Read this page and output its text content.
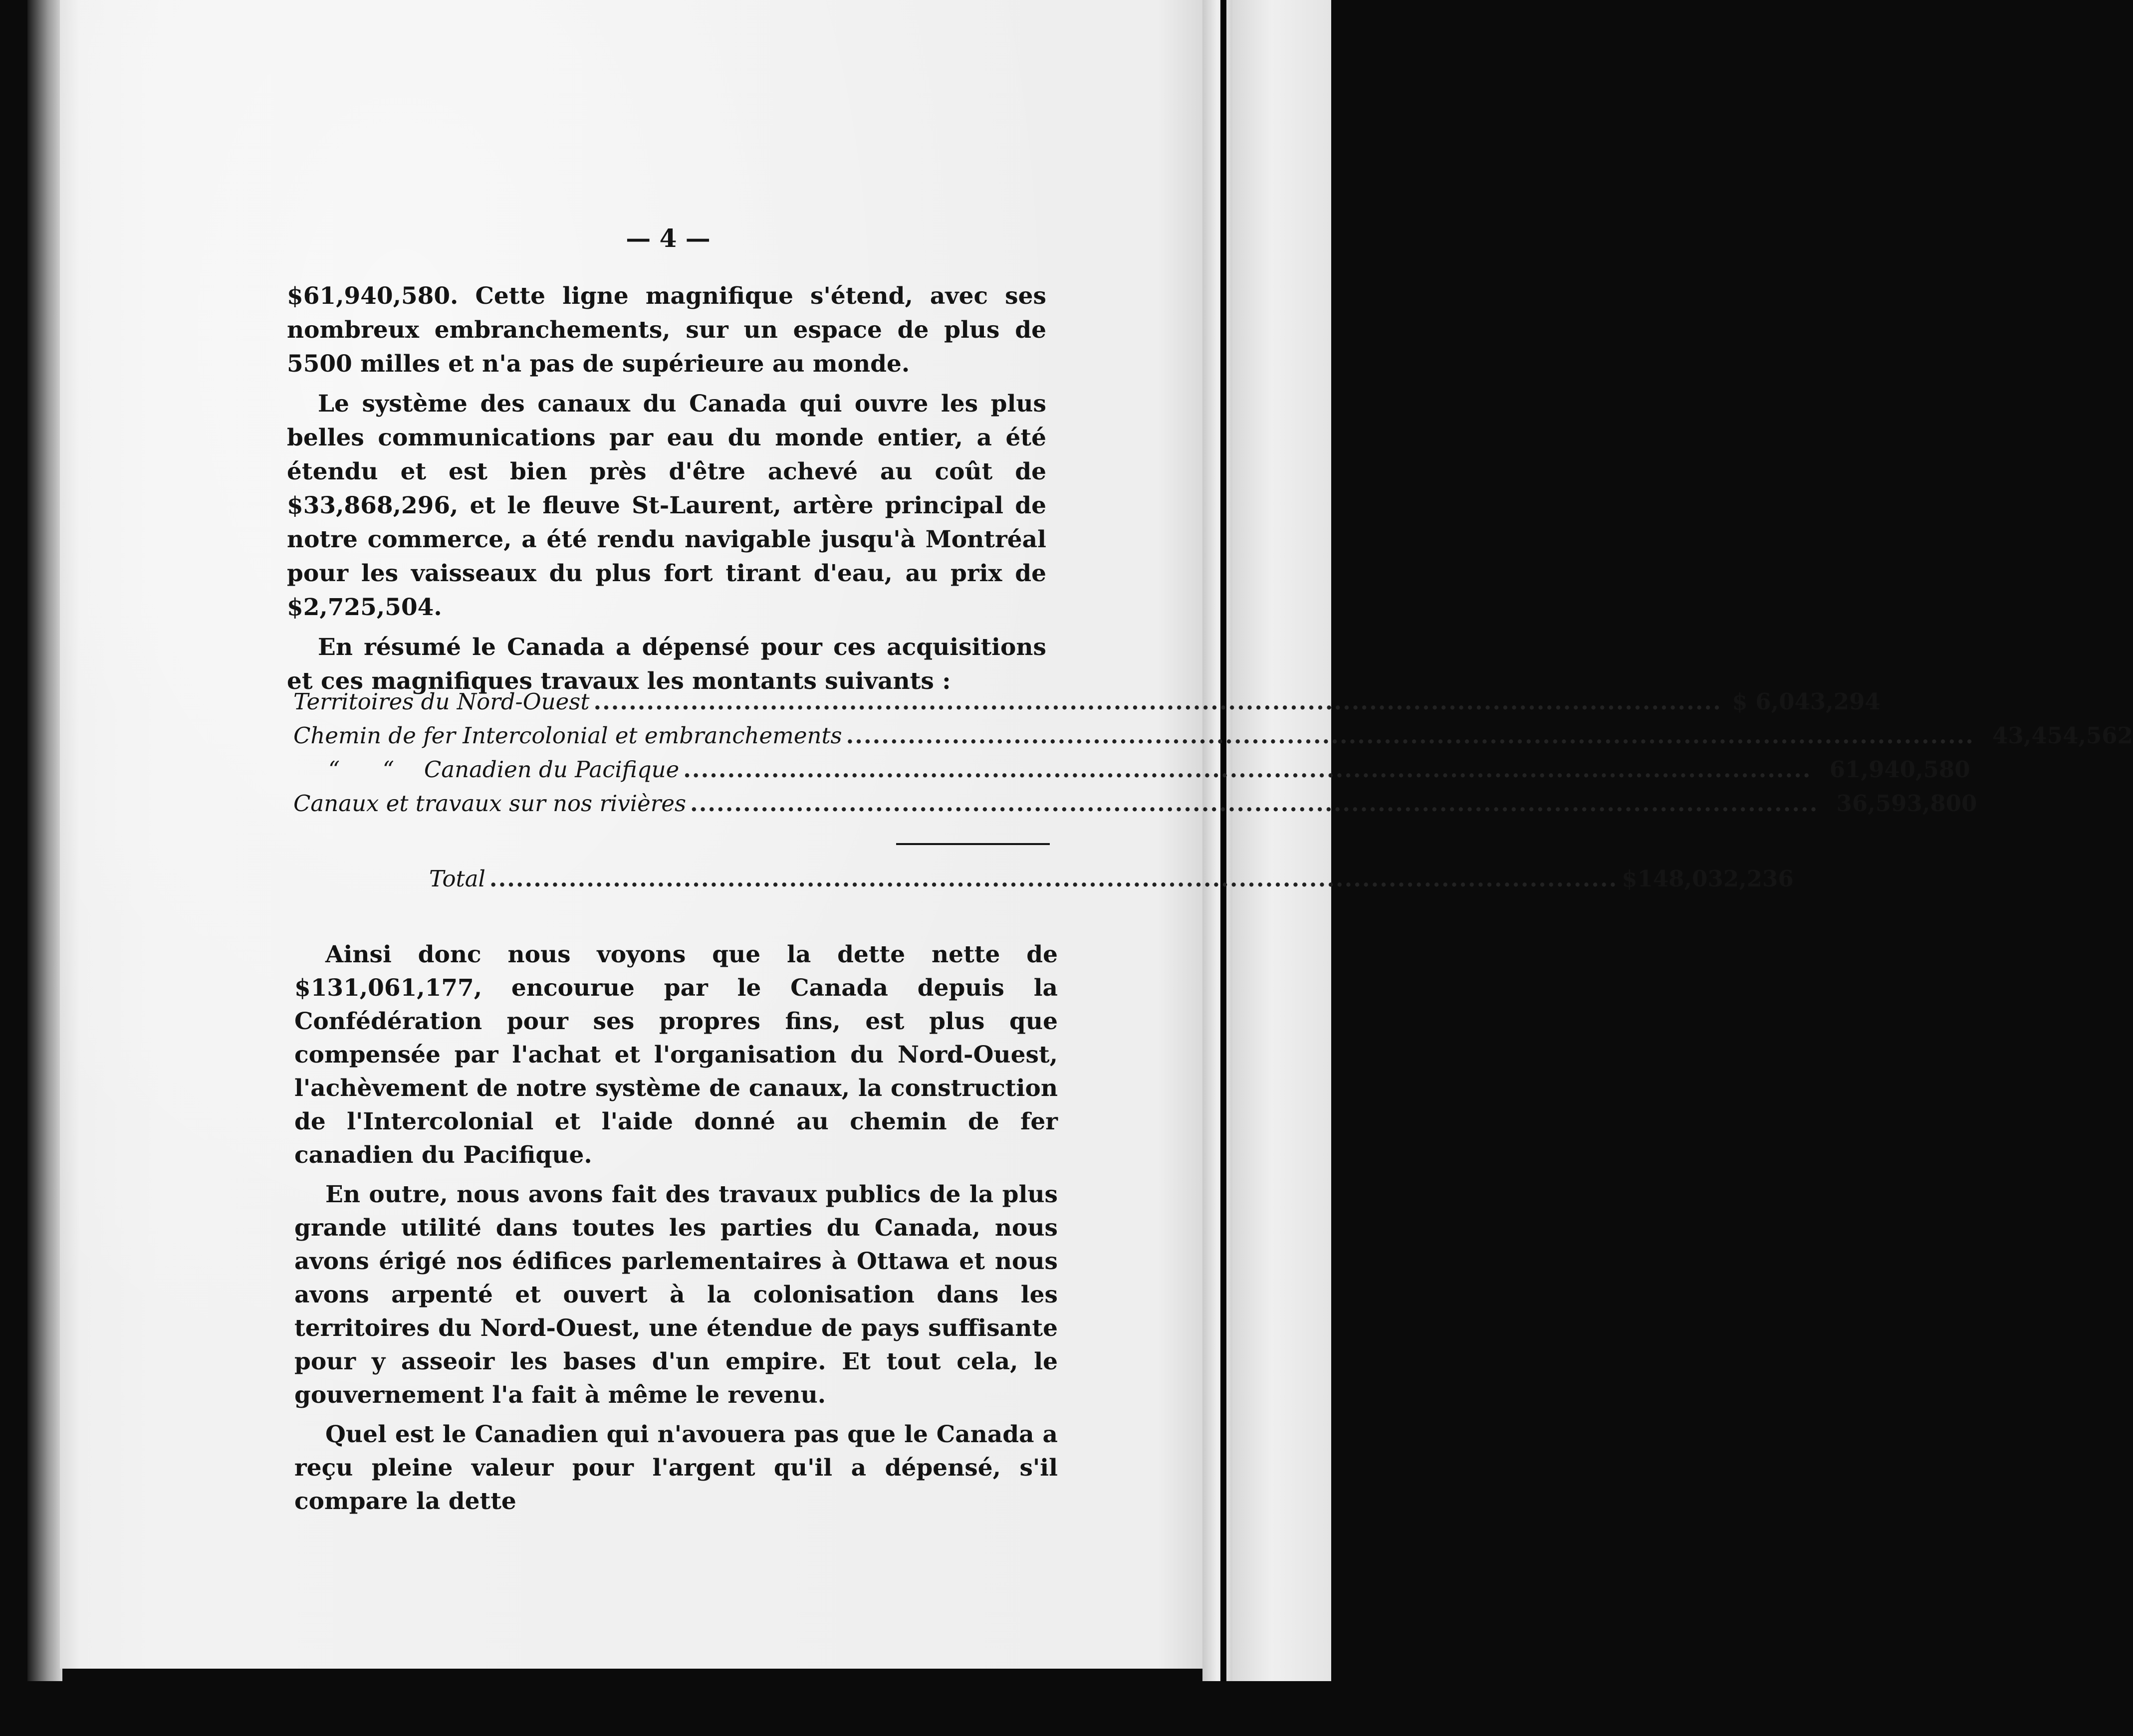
— 4 —

$61,940,580. Cette ligne magnifique s'étend, avec ses nombreux embranchements, sur un espace de plus de 5500 milles et n'a pas de supérieure au monde.

Le système des canaux du Canada qui ouvre les plus belles communications par eau du monde entier, a été étendu et est bien près d'être achevé au coût de $33,868,296, et le fleuve St-Laurent, artère principal de notre commerce, a été rendu navigable jusqu'à Montréal pour les vaisseaux du plus fort tirant d'eau, au prix de $2,725,504.

En résumé le Canada a dépensé pour ces acquisitions et ces magnifiques travaux les montants suivants :

Territoires du Nord-Ouest ................................................................................................................................ $ 6,043,294
Chemin de fer Intercolonial et embranchements ................................................................................................................................ 43,454,562
“      “ Canadien du Pacifique ................................................................................................................................ 61,940,580
Canaux et travaux sur nos rivières ................................................................................................................................ 36,593,800
Total ................................................................................................................................ $148,032,236

Ainsi donc nous voyons que la dette nette de $131,061,177, encourue par le Canada depuis la Confédération pour ses propres fins, est plus que compensée par l'achat et l'organisation du Nord-Ouest, l'achèvement de notre système de canaux, la construction de l'Intercolonial et l'aide donné au chemin de fer canadien du Pacifique.

En outre, nous avons fait des travaux publics de la plus grande utilité dans toutes les parties du Canada, nous avons érigé nos édifices parlementaires à Ottawa et nous avons arpenté et ouvert à la colonisation dans les territoires du Nord-Ouest, une étendue de pays suffisante pour y asseoir les bases d'un empire. Et tout cela, le gouvernement l'a fait à même le revenu.

Quel est le Canadien qui n'avouera pas que le Canada a reçu pleine valeur pour l'argent qu'il a dépensé, s'il compare la dette
